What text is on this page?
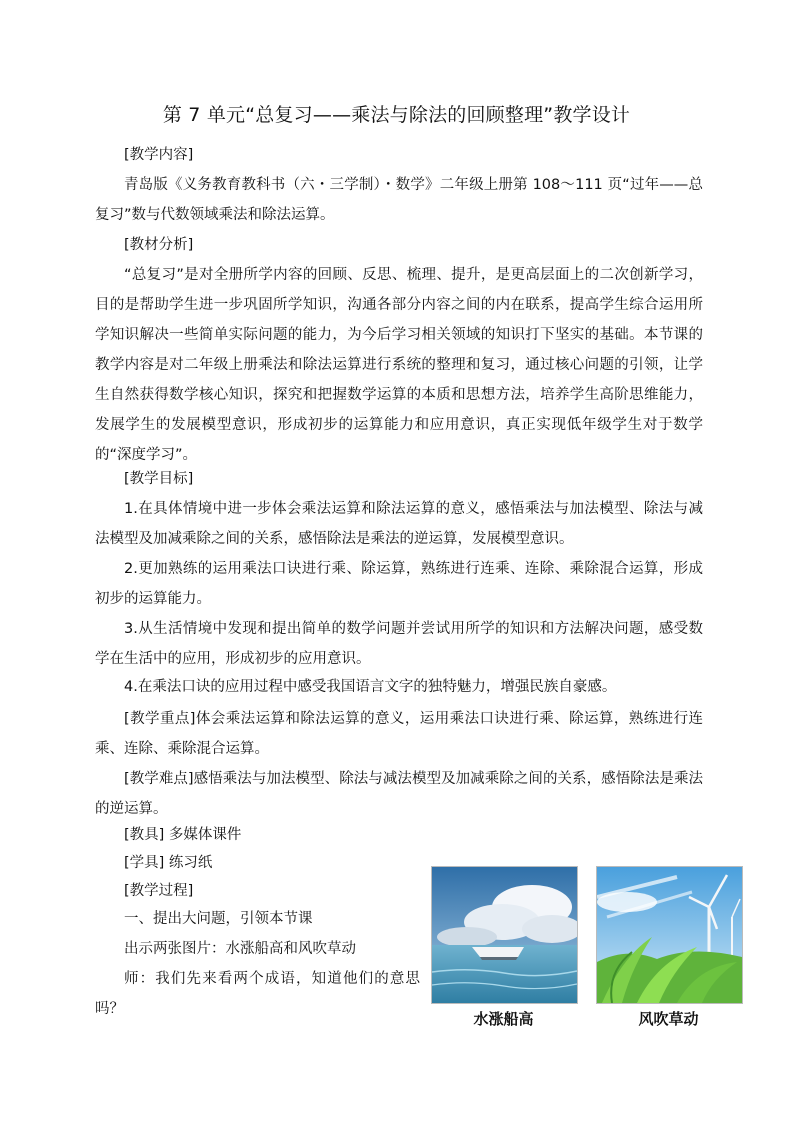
第 7 单元“总复习——乘法与除法的回顾整理”教学设计

[教学内容]

青岛版《义务教育教科书（六・三学制）・数学》二年级上册第 108～111 页“过年——总复习”数与代数领域乘法和除法运算。

[教材分析]

“总复习”是对全册所学内容的回顾、反思、梳理、提升，是更高层面上的二次创新学习，目的是帮助学生进一步巩固所学知识，沟通各部分内容之间的内在联系，提高学生综合运用所学知识解决一些简单实际问题的能力，为今后学习相关领域的知识打下坚实的基础。本节课的教学内容是对二年级上册乘法和除法运算进行系统的整理和复习，通过核心问题的引领，让学生自然获得数学核心知识，探究和把握数学运算的本质和思想方法，培养学生高阶思维能力，发展学生的发展模型意识，形成初步的运算能力和应用意识，真正实现低年级学生对于数学的“深度学习”。

[教学目标]

1.在具体情境中进一步体会乘法运算和除法运算的意义，感悟乘法与加法模型、除法与减法模型及加减乘除之间的关系，感悟除法是乘法的逆运算，发展模型意识。

2.更加熟练的运用乘法口诀进行乘、除运算，熟练进行连乘、连除、乘除混合运算，形成初步的运算能力。

3.从生活情境中发现和提出简单的数学问题并尝试用所学的知识和方法解决问题，感受数学在生活中的应用，形成初步的应用意识。

4.在乘法口诀的应用过程中感受我国语言文字的独特魅力，增强民族自豪感。

[教学重点]体会乘法运算和除法运算的意义，运用乘法口诀进行乘、除运算，熟练进行连乘、连除、乘除混合运算。

[教学难点]感悟乘法与加法模型、除法与减法模型及加减乘除之间的关系，感悟除法是乘法的逆运算。

[教具] 多媒体课件

[学具] 练习纸

[教学过程]

一、提出大问题，引领本节课

出示两张图片：水涨船高和风吹草动

师：我们先来看两个成语，知道他们的意思吗？

水涨船高	风吹草动
